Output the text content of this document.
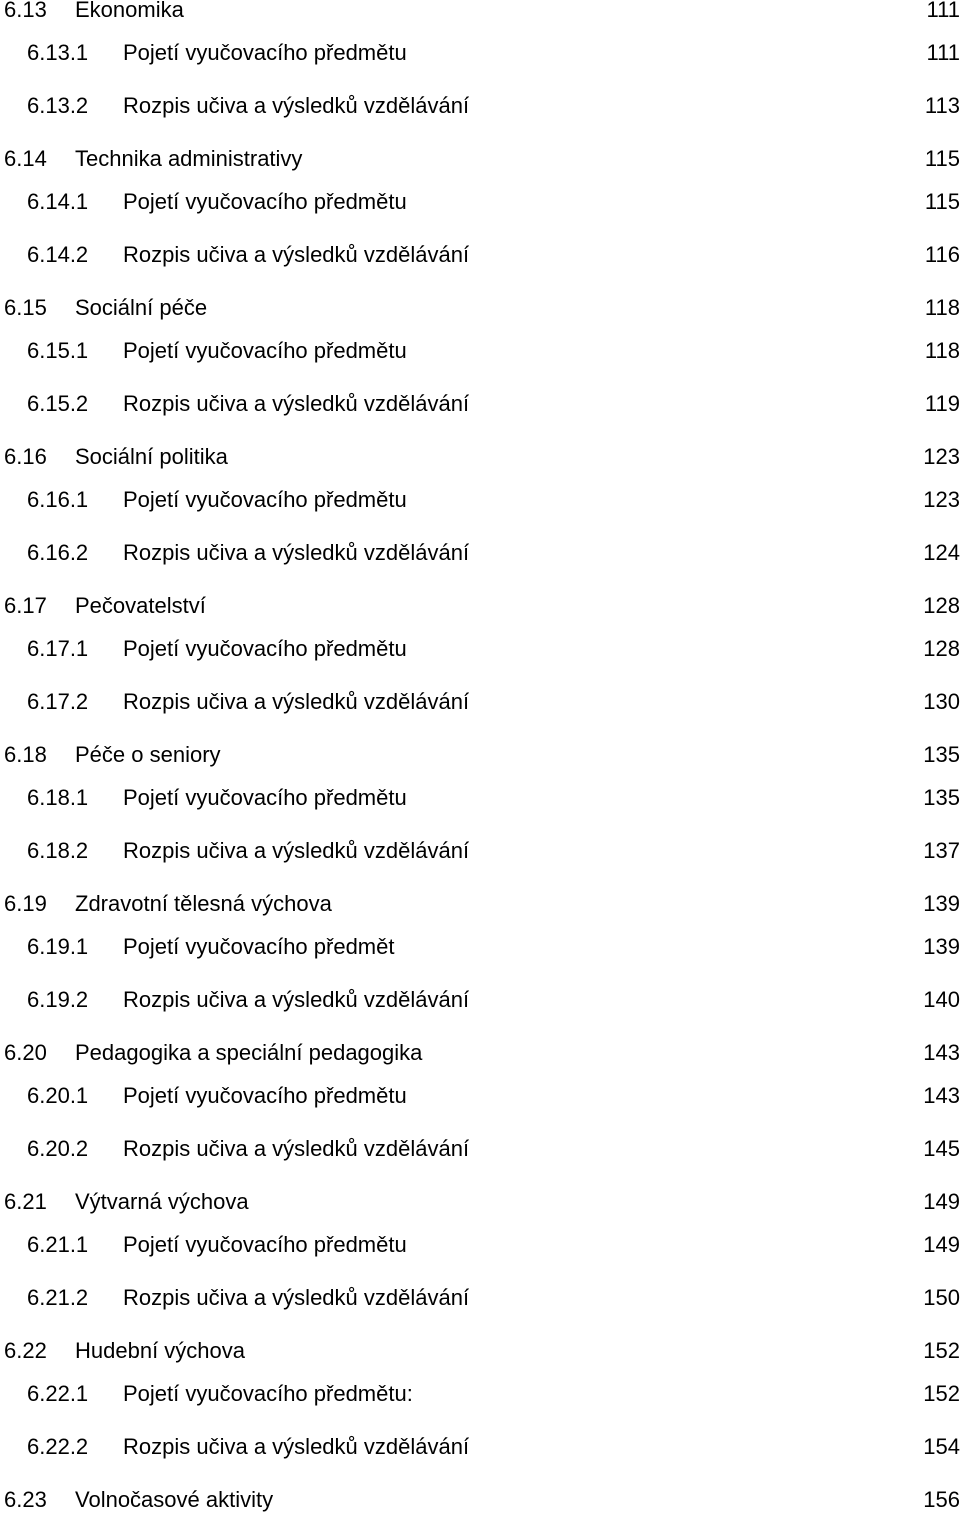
6.13 Ekonomika	111
6.13.1 Pojetí vyučovacího předmětu	111
6.13.2 Rozpis učiva a výsledků vzdělávání	113
6.14 Technika administrativy	115
6.14.1 Pojetí vyučovacího předmětu	115
6.14.2 Rozpis učiva a výsledků vzdělávání	116
6.15 Sociální péče	118
6.15.1 Pojetí vyučovacího předmětu	118
6.15.2 Rozpis učiva a výsledků vzdělávání	119
6.16 Sociální politika	123
6.16.1 Pojetí vyučovacího předmětu	123
6.16.2 Rozpis učiva a výsledků vzdělávání	124
6.17 Pečovatelství	128
6.17.1 Pojetí vyučovacího předmětu	128
6.17.2 Rozpis učiva a výsledků vzdělávání	130
6.18 Péče o seniory	135
6.18.1 Pojetí vyučovacího předmětu	135
6.18.2 Rozpis učiva a výsledků vzdělávání	137
6.19 Zdravotní tělesná výchova	139
6.19.1 Pojetí vyučovacího předmět	139
6.19.2 Rozpis učiva a výsledků vzdělávání	140
6.20 Pedagogika a speciální pedagogika	143
6.20.1 Pojetí vyučovacího předmětu	143
6.20.2 Rozpis učiva a výsledků vzdělávání	145
6.21 Výtvarná výchova	149
6.21.1 Pojetí vyučovacího předmětu	149
6.21.2 Rozpis učiva a výsledků vzdělávání	150
6.22 Hudební výchova	152
6.22.1 Pojetí vyučovacího předmětu:	152
6.22.2 Rozpis učiva a výsledků vzdělávání	154
6.23 Volnočasové aktivity	156
